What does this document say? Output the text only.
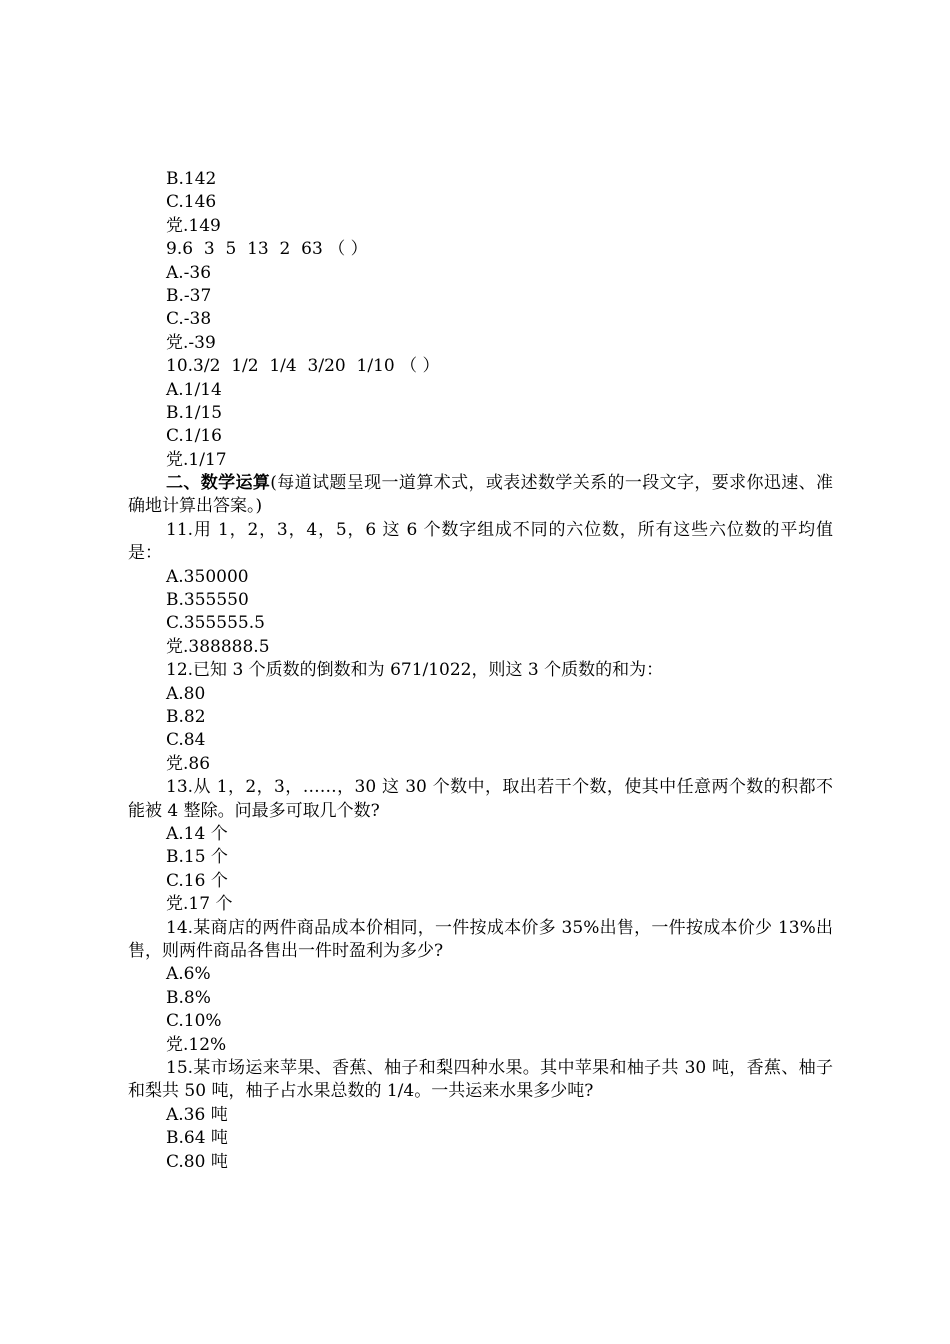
B.142
C.146
党.149
9.6  3  5  13  2  63 （ ）
A.-36
B.-37
C.-38
党.-39
10.3/2  1/2  1/4  3/20  1/10 （ ）
A.1/14
B.1/15
C.1/16
党.1/17
二、数学运算(每道试题呈现一道算术式，或表述数学关系的一段文字，要求你迅速、准确地计算出答案。)
11.用 1，2，3，4，5，6 这 6 个数字组成不同的六位数，所有这些六位数的平均值是：
A.350000
B.355550
C.355555.5
党.388888.5
12.已知 3 个质数的倒数和为 671/1022，则这 3 个质数的和为：
A.80
B.82
C.84
党.86
13.从 1，2，3，……，30 这 30 个数中，取出若干个数，使其中任意两个数的积都不能被 4 整除。问最多可取几个数?
A.14 个
B.15 个
C.16 个
党.17 个
14.某商店的两件商品成本价相同，一件按成本价多 35%出售，一件按成本价少 13%出售，则两件商品各售出一件时盈利为多少?
A.6%
B.8%
C.10%
党.12%
15.某市场运来苹果、香蕉、柚子和梨四种水果。其中苹果和柚子共 30 吨，香蕉、柚子和梨共 50 吨，柚子占水果总数的 1/4。一共运来水果多少吨?
A.36 吨
B.64 吨
C.80 吨
